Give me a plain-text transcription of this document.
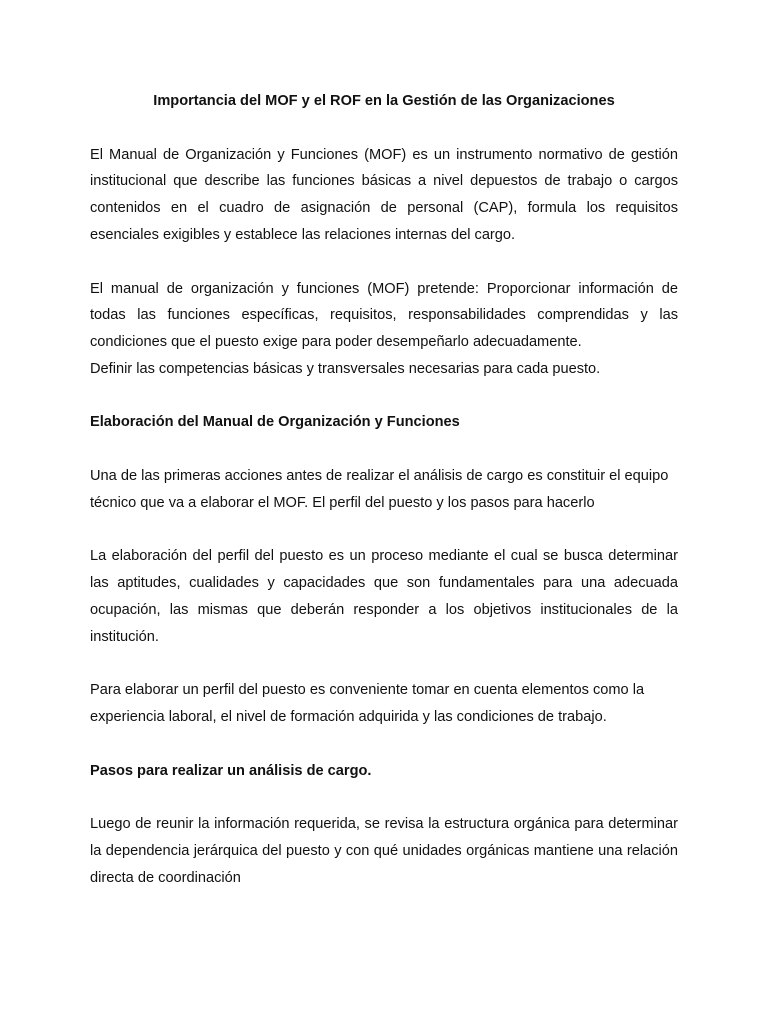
Importancia del MOF y el ROF en la Gestión de las Organizaciones

El Manual de Organización y Funciones (MOF) es un instrumento normativo de gestión institucional que describe las funciones básicas a nivel depuestos de trabajo o cargos contenidos en el cuadro de asignación de personal (CAP), formula los requisitos esenciales exigibles y establece las relaciones internas del cargo.

El manual de organización y funciones (MOF) pretende: Proporcionar información de todas las funciones específicas, requisitos, responsabilidades comprendidas y las condiciones que el puesto exige para poder desempeñarlo adecuadamente.
Definir las competencias básicas y transversales necesarias para cada puesto.
Elaboración del Manual de Organización y Funciones

Una de las primeras acciones antes de realizar el análisis de cargo es constituir el equipo técnico que va a elaborar el MOF. El perfil del puesto y los pasos para hacerlo

La elaboración del perfil del puesto es un proceso mediante el cual se busca determinar las aptitudes, cualidades y capacidades que son fundamentales para una adecuada ocupación, las mismas que deberán responder a los objetivos institucionales de la institución.

Para elaborar un perfil del puesto es conveniente tomar en cuenta elementos como la experiencia laboral, el nivel de formación adquirida y las condiciones de trabajo.

Pasos para realizar un análisis de cargo.

Luego de reunir la información requerida, se revisa la estructura orgánica para determinar la dependencia jerárquica del puesto y con qué unidades orgánicas mantiene una relación directa de coordinación
